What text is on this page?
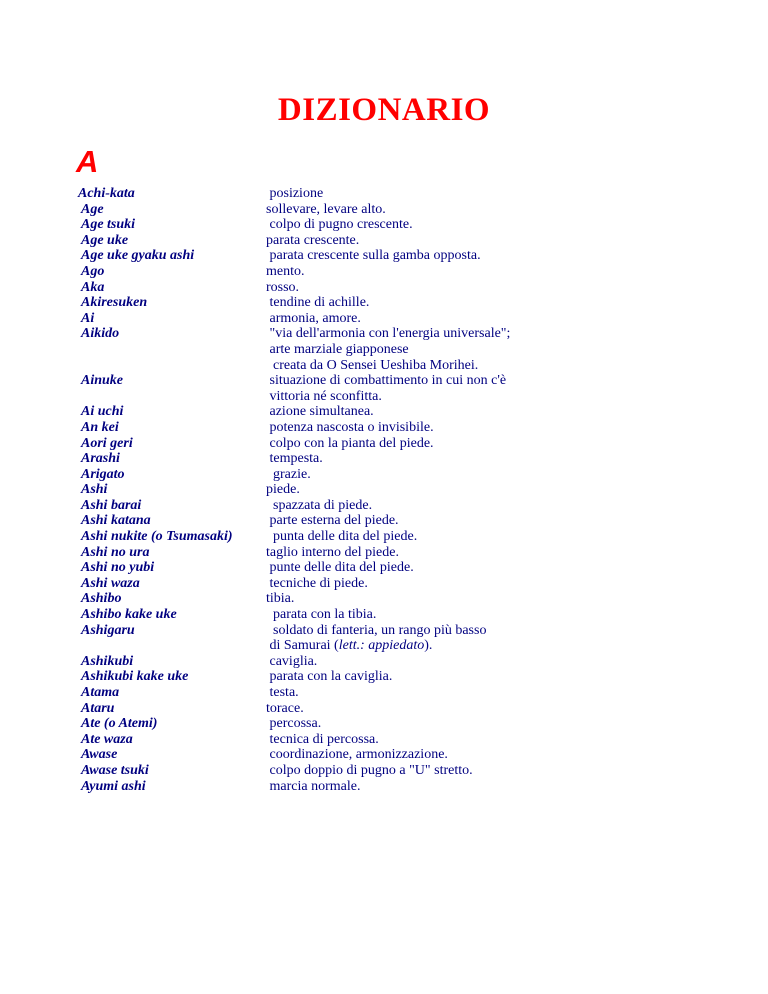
DIZIONARIO
A
Achi-kata	posizione
Age	sollevare, levare alto.
Age tsuki	colpo di pugno crescente.
Age uke	parata crescente.
Age uke gyaku ashi	parata crescente sulla gamba opposta.
Ago	mento.
Aka	rosso.
Akiresuken	tendine di achille.
Ai	armonia, amore.
Aikido	"via dell'armonia con l'energia universale";
arte marziale giapponese
creata da O Sensei Ueshiba Morihei.
Ainuke	situazione di combattimento in cui non c'è
vittoria né sconfitta.
Ai uchi	azione simultanea.
An kei	potenza nascosta o invisibile.
Aori geri	colpo con la pianta del piede.
Arashi	tempesta.
Arigato	grazie.
Ashi	piede.
Ashi barai	spazzata di piede.
Ashi katana	parte esterna del piede.
Ashi nukite (o Tsumasaki)	punta delle dita del piede.
Ashi no ura	taglio interno del piede.
Ashi no yubi	punte delle dita del piede.
Ashi waza	tecniche di piede.
Ashibo	tibia.
Ashibo kake uke	parata con la tibia.
Ashigaru	soldato di fanteria, un rango più basso
di Samurai (lett.: appiedato).
Ashikubi	caviglia.
Ashikubi kake uke	parata con la caviglia.
Atama	testa.
Ataru	torace.
Ate (o Atemi)	percossa.
Ate waza	tecnica di percossa.
Awase	coordinazione, armonizzazione.
Awase tsuki	colpo doppio di pugno a "U" stretto.
Ayumi ashi	marcia normale.
